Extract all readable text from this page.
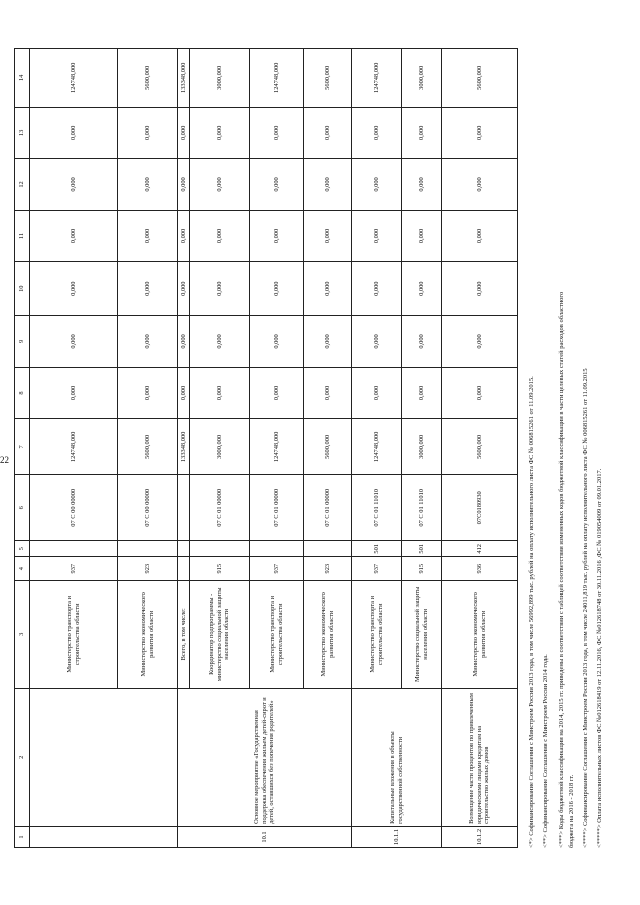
22
1	2	3	4	5	6	7	8	9	10	11	12	13	14
		Министерство транспорта и строительства области	937		07 С 00 00000	124748,000	0,000	0,000	0,000	0,000	0,000	0,000	124748,000
		Министерство экономического развития области	923		07 С 00 00000	5600,000	0,000	0,000	0,000	0,000	0,000	0,000	5600,000
10.1	Основное мероприятие «Государственная поддержка обеспечения жильем детей-сирот и детей, оставшихся без попечения родителей»	Всего, в том числе:				133348,000	0,000	0,000	0,000	0,000	0,000	0,000	133348,000
		Координатор подпрограммы - министерство социальной защиты населения области	915		07 С 01 00000	3000,000	0,000	0,000	0,000	0,000	0,000	0,000	3000,000
		Министерство транспорта и строительства области	937		07 С 01 00000	124748,000	0,000	0,000	0,000	0,000	0,000	0,000	124748,000
		Министерство экономического развития области	923		07 С 01 00000	5600,000	0,000	0,000	0,000	0,000	0,000	0,000	5600,000
10.1.1	Капитальные вложения в объекты государственной собственности	Министерство транспорта и строительства области	937	501	07 С 01 11010	124748,000	0,000	0,000	0,000	0,000	0,000	0,000	124748,000
		Министерство социальной защиты населения области	915	501	07 С 01 11010	3000,000	0,000	0,000	0,000	0,000	0,000	0,000	3000,000
10.1.2	Возмещение части процентов по привлеченным юридическими лицами кредитам на строительство жилых домов	Министерство экономического развития области	936	412	07С0180930	5600,000	0,000	0,000	0,000	0,000	0,000	0,000	5600,000
<*> Софинансирование Соглашения с Минстроем России 2013 года, в том числе 56992,899 тыс. рублей на оплату исполнительного листа ФС № 006815261 от 11.09.2015. <**> Софинансирование Соглашения с Минстроем России 2014 года. <***> Коды бюджетной классификации на 2014, 2015 гг. приведены в соответствии с таблицей соответствия измененных кодов бюджетной классификации в части целевых статей расходов областного бюджета на 2016 - 2018 гг. <****> Софинансирование Соглашения с Минстроем России 2013 года, в том числе 24011,819 тыс. рублей на оплату исполнительного листа ФС № 006815261 от 11.09.2015 <*****> Оплата исполнительных листов ФС №012618419 от 12.11.2016, ФС №012618748 от 30.11.2016 ,ФС № 019054009 от 09.01.2017.
